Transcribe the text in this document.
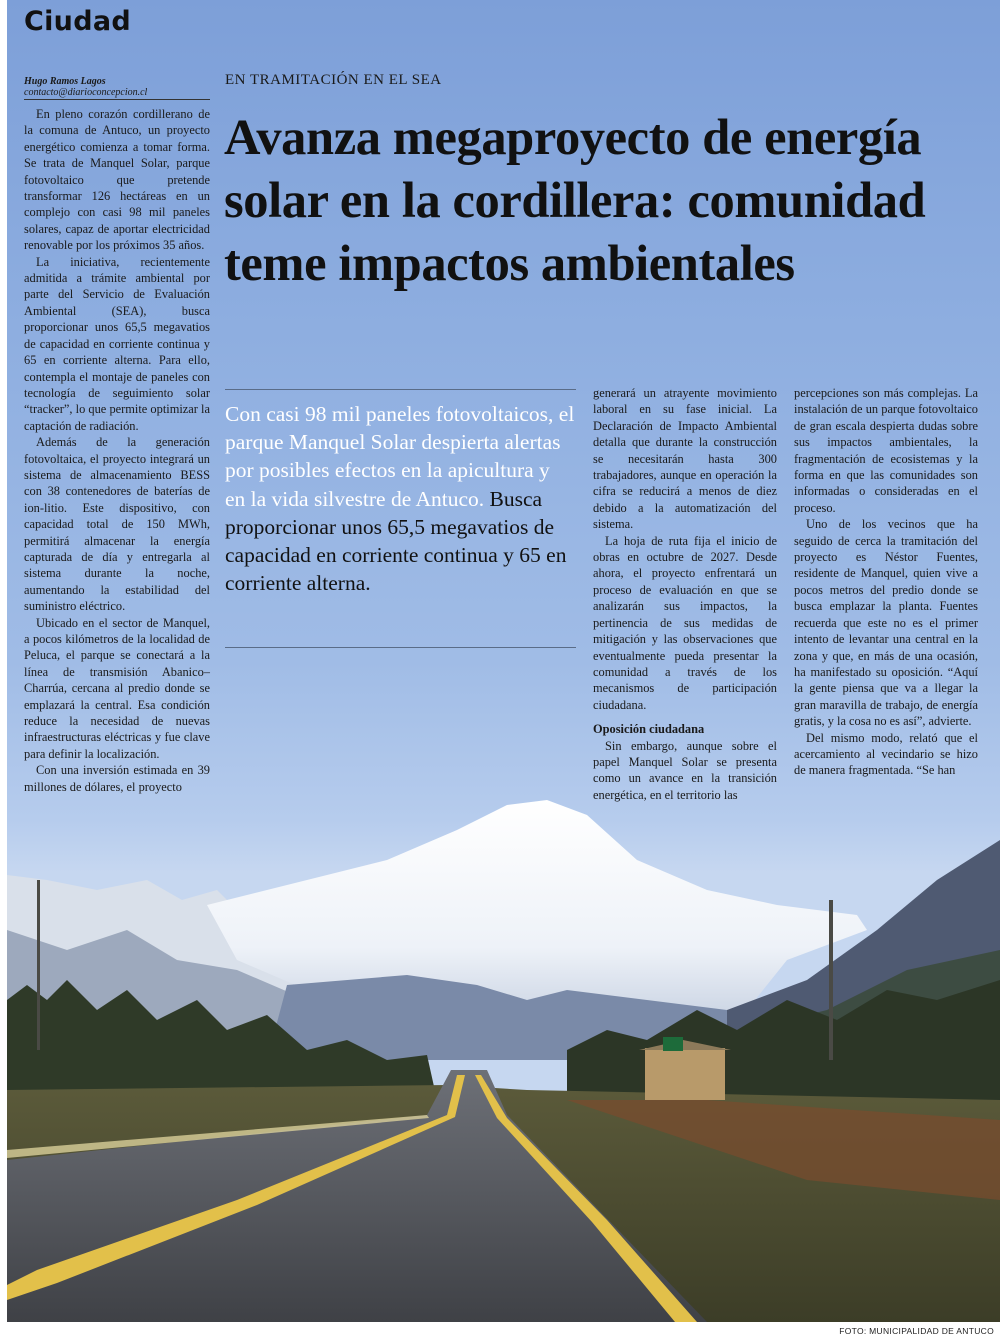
Ciudad
Hugo Ramos Lagos
contacto@diarioconcepcion.cl

En pleno corazón cordillerano de la comuna de Antuco, un proyecto energético comienza a tomar forma. Se trata de Manquel Solar, parque fotovoltaico que pretende transformar 126 hectáreas en un complejo con casi 98 mil paneles solares, capaz de aportar electricidad renovable por los próximos 35 años.

La iniciativa, recientemente admitida a trámite ambiental por parte del Servicio de Evaluación Ambiental (SEA), busca proporcionar unos 65,5 megavatios de capacidad en corriente continua y 65 en corriente alterna. Para ello, contempla el montaje de paneles con tecnología de seguimiento solar “tracker”, lo que permite optimizar la captación de radiación.

Además de la generación fotovoltaica, el proyecto integrará un sistema de almacenamiento BESS con 38 contenedores de baterías de ion-litio. Este dispositivo, con capacidad total de 150 MWh, permitirá almacenar la energía capturada de día y entregarla al sistema durante la noche, aumentando la estabilidad del suministro eléctrico.

Ubicado en el sector de Manquel, a pocos kilómetros de la localidad de Peluca, el parque se conectará a la línea de transmisión Abanico–Charrúa, cercana al predio donde se emplazará la central. Esa condición reduce la necesidad de nuevas infraestructuras eléctricas y fue clave para definir la localización.

Con una inversión estimada en 39 millones de dólares, el proyecto

EN TRAMITACIÓN EN EL SEA
Avanza megaproyecto de energía solar en la cordillera: comunidad teme impactos ambientales
Con casi 98 mil paneles fotovoltaicos, el parque Manquel Solar despierta alertas por posibles efectos en la apicultura y en la vida silvestre de Antuco. Busca proporcionar unos 65,5 megavatios de capacidad en corriente continua y 65 en corriente alterna.

generará un atrayente movimiento laboral en su fase inicial. La Declaración de Impacto Ambiental detalla que durante la construcción se necesitarán hasta 300 trabajadores, aunque en operación la cifra se reducirá a menos de diez debido a la automatización del sistema.

La hoja de ruta fija el inicio de obras en octubre de 2027. Desde ahora, el proyecto enfrentará un proceso de evaluación en que se analizarán sus impactos, la pertinencia de sus medidas de mitigación y las observaciones que eventualmente pueda presentar la comunidad a través de los mecanismos de participación ciudadana.

Oposición ciudadana

Sin embargo, aunque sobre el papel Manquel Solar se presenta como un avance en la transición energética, en el territorio las

percepciones son más complejas. La instalación de un parque fotovoltaico de gran escala despierta dudas sobre sus impactos ambientales, la fragmentación de ecosistemas y la forma en que las comunidades son informadas o consideradas en el proceso.

Uno de los vecinos que ha seguido de cerca la tramitación del proyecto es Néstor Fuentes, residente de Manquel, quien vive a pocos metros del predio donde se busca emplazar la planta. Fuentes recuerda que este no es el primer intento de levantar una central en la zona y que, en más de una ocasión, ha manifestado su oposición. “Aquí la gente piensa que va a llegar la gran maravilla de trabajo, de energía gratis, y la cosa no es así”, advierte.

Del mismo modo, relató que el acercamiento al vecindario se hizo de manera fragmentada. “Se han

FOTO: MUNICIPALIDAD DE ANTUCO
